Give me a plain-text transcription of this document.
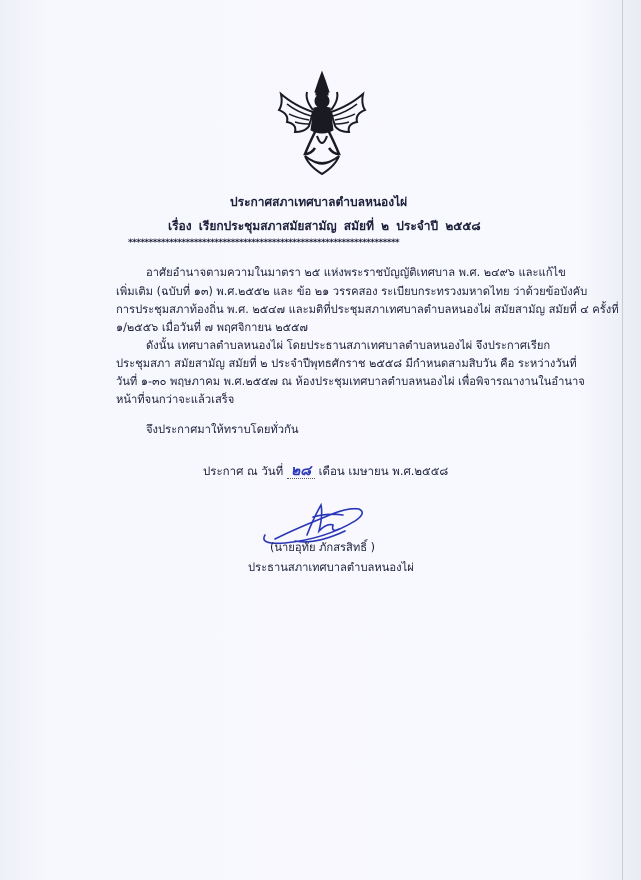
ประกาศสภาเทศบาลตำบลหนองไผ่
เรื่อง เรียกประชุมสภาสมัยสามัญ สมัยที่ ๒ ประจำปี ๒๕๕๘
******************************************************************
อาศัยอำนาจตามความในมาตรา ๒๕ แห่งพระราชบัญญัติเทศบาล พ.ศ. ๒๔๙๖ และแก้ไข
เพิ่มเติม (ฉบับที่ ๑๓) พ.ศ.๒๕๕๒ และ ข้อ ๒๑ วรรคสอง ระเบียบกระทรวงมหาดไทย ว่าด้วยข้อบังคับ
การประชุมสภาท้องถิ่น พ.ศ. ๒๕๔๗ และมติที่ประชุมสภาเทศบาลตำบลหนองไผ่ สมัยสามัญ สมัยที่ ๔ ครั้งที่
๑/๒๕๕๖ เมื่อวันที่ ๗ พฤศจิกายน ๒๕๕๗
ดังนั้น เทศบาลตำบลหนองไผ่ โดยประธานสภาเทศบาลตำบลหนองไผ่ จึงประกาศเรียก
ประชุมสภา สมัยสามัญ สมัยที่ ๒ ประจำปีพุทธศักราช ๒๕๕๘ มีกำหนดสามสิบวัน คือ ระหว่างวันที่
วันที่ ๑-๓๐ พฤษภาคม พ.ศ.๒๕๕๗ ณ ห้องประชุมเทศบาลตำบลหนองไผ่ เพื่อพิจารณางานในอำนาจ
หน้าที่จนกว่าจะแล้วเสร็จ
จึงประกาศมาให้ทราบโดยทั่วกัน
ประกาศ ณ วันที่ ๒๘ เดือน เมษายน พ.ศ.๒๕๕๘
(นายอุทัย ภักสรสิทธิ์ )
ประธานสภาเทศบาลตำบลหนองไผ่
